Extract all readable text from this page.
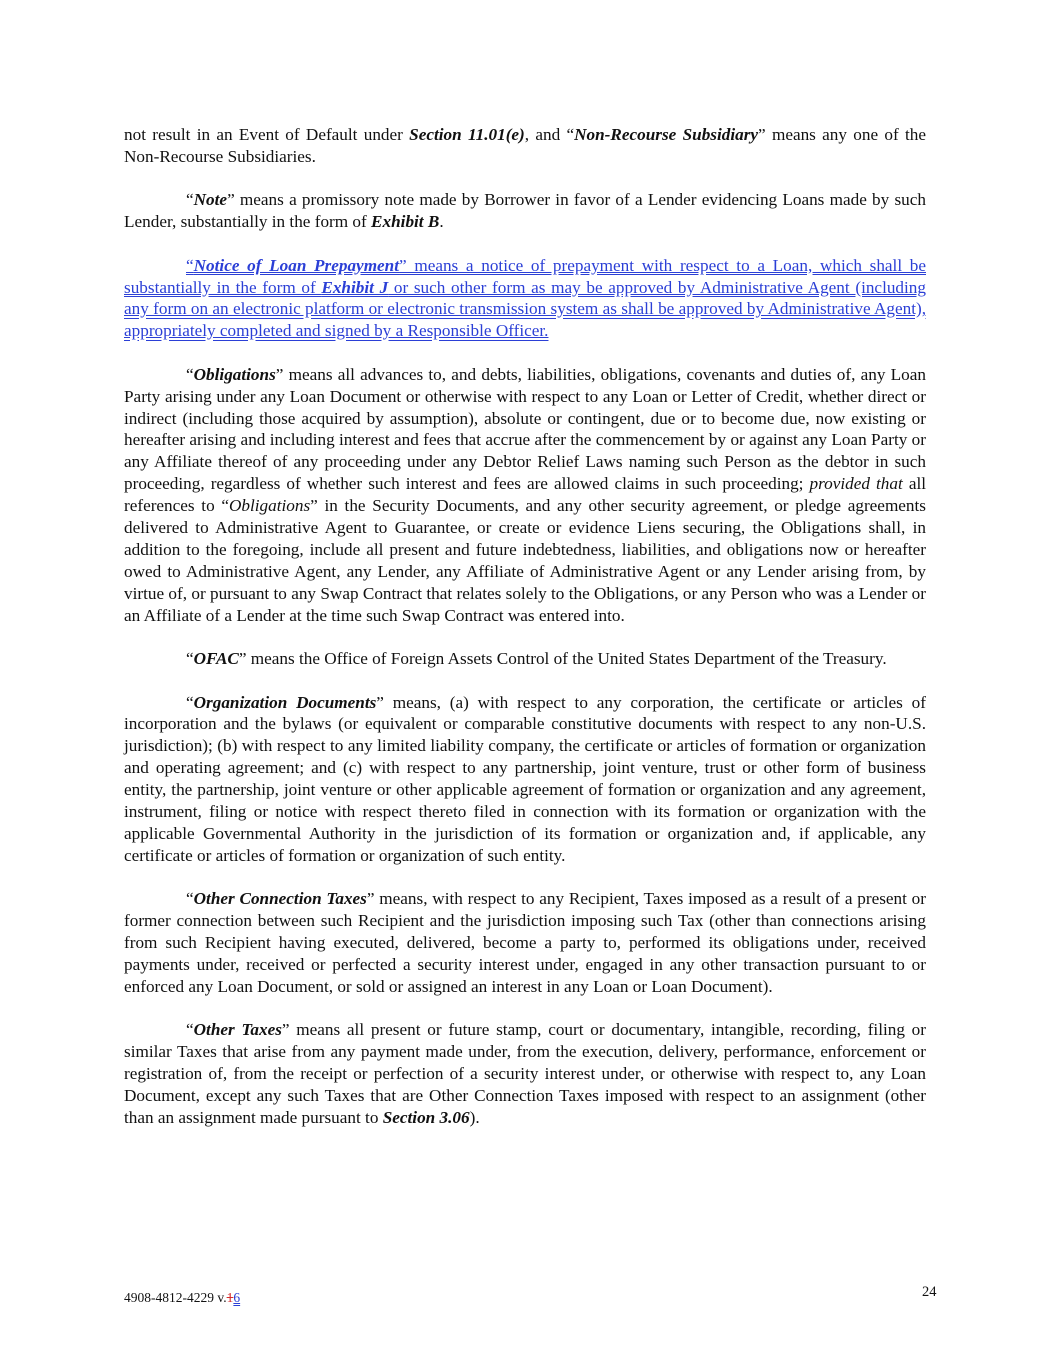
not result in an Event of Default under Section 11.01(e), and “Non-Recourse Subsidiary” means any one of the Non-Recourse Subsidiaries.

“Note” means a promissory note made by Borrower in favor of a Lender evidencing Loans made by such Lender, substantially in the form of Exhibit B.

“Notice of Loan Prepayment” means a notice of prepayment with respect to a Loan, which shall be substantially in the form of Exhibit J or such other form as may be approved by Administrative Agent (including any form on an electronic platform or electronic transmission system as shall be approved by Administrative Agent), appropriately completed and signed by a Responsible Officer.

“Obligations” means all advances to, and debts, liabilities, obligations, covenants and duties of, any Loan Party arising under any Loan Document or otherwise with respect to any Loan or Letter of Credit, whether direct or indirect (including those acquired by assumption), absolute or contingent, due or to become due, now existing or hereafter arising and including interest and fees that accrue after the commencement by or against any Loan Party or any Affiliate thereof of any proceeding under any Debtor Relief Laws naming such Person as the debtor in such proceeding, regardless of whether such interest and fees are allowed claims in such proceeding; provided that all references to “Obligations” in the Security Documents, and any other security agreement, or pledge agreements delivered to Administrative Agent to Guarantee, or create or evidence Liens securing, the Obligations shall, in addition to the foregoing, include all present and future indebtedness, liabilities, and obligations now or hereafter owed to Administrative Agent, any Lender, any Affiliate of Administrative Agent or any Lender arising from, by virtue of, or pursuant to any Swap Contract that relates solely to the Obligations, or any Person who was a Lender or an Affiliate of a Lender at the time such Swap Contract was entered into.

“OFAC” means the Office of Foreign Assets Control of the United States Department of the Treasury.

“Organization Documents” means, (a) with respect to any corporation, the certificate or articles of incorporation and the bylaws (or equivalent or comparable constitutive documents with respect to any non-U.S. jurisdiction); (b) with respect to any limited liability company, the certificate or articles of formation or organization and operating agreement; and (c) with respect to any partnership, joint venture, trust or other form of business entity, the partnership, joint venture or other applicable agreement of formation or organization and any agreement, instrument, filing or notice with respect thereto filed in connection with its formation or organization with the applicable Governmental Authority in the jurisdiction of its formation or organization and, if applicable, any certificate or articles of formation or organization of such entity.

“Other Connection Taxes” means, with respect to any Recipient, Taxes imposed as a result of a present or former connection between such Recipient and the jurisdiction imposing such Tax (other than connections arising from such Recipient having executed, delivered, become a party to, performed its obligations under, received payments under, received or perfected a security interest under, engaged in any other transaction pursuant to or enforced any Loan Document, or sold or assigned an interest in any Loan or Loan Document).

“Other Taxes” means all present or future stamp, court or documentary, intangible, recording, filing or similar Taxes that arise from any payment made under, from the execution, delivery, performance, enforcement or registration of, from the receipt or perfection of a security interest under, or otherwise with respect to, any Loan Document, except any such Taxes that are Other Connection Taxes imposed with respect to an assignment (other than an assignment made pursuant to Section 3.06).

4908-4812-4229 v.16	24
